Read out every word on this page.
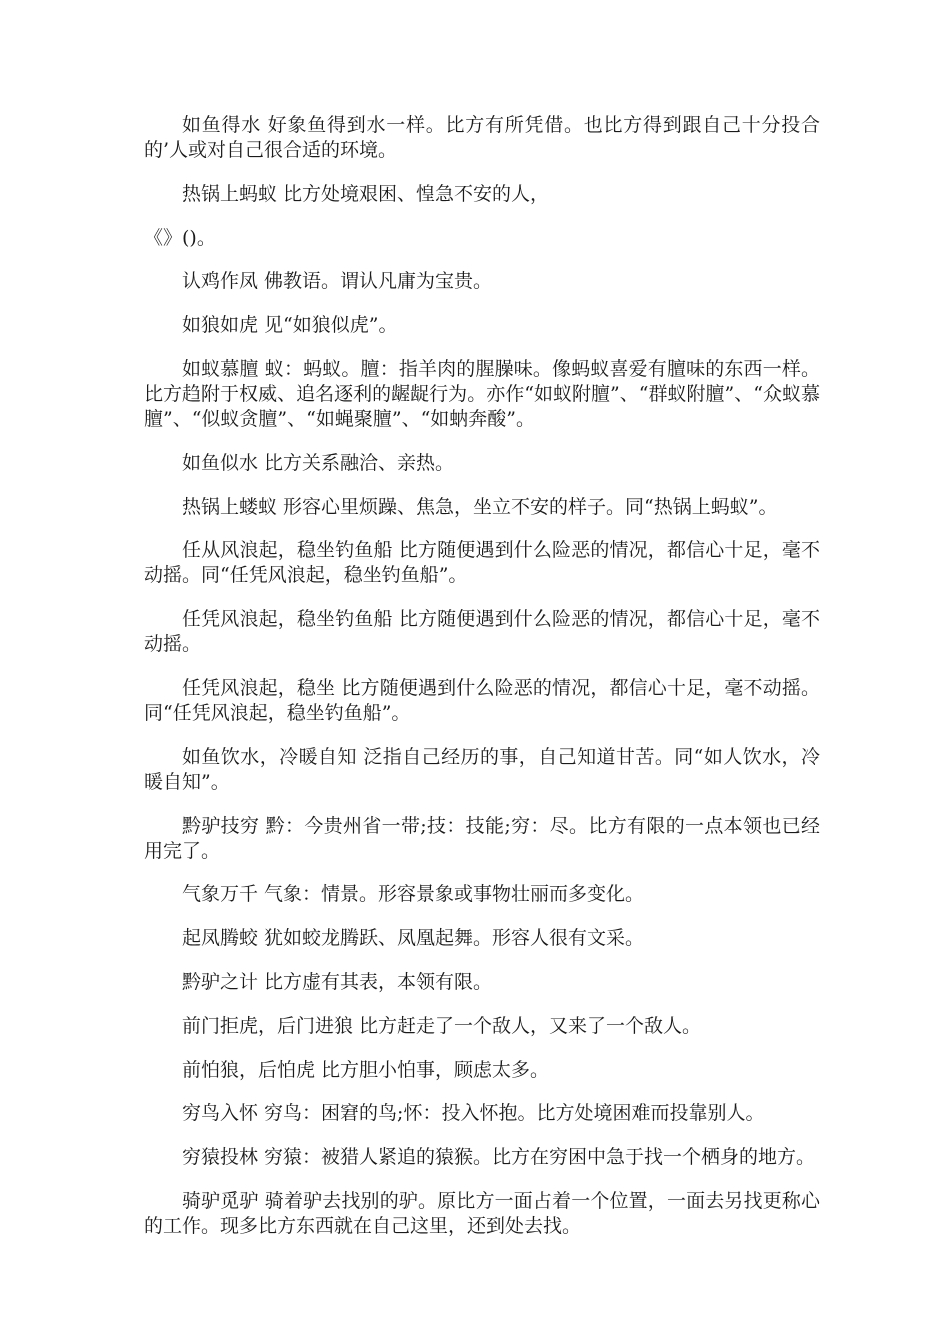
如鱼得水 好象鱼得到水一样。比方有所凭借。也比方得到跟自己十分投合的’人或对自己很合适的环境。

热锅上蚂蚁 比方处境艰困、惶急不安的人，

《》()。

认鸡作凤 佛教语。谓认凡庸为宝贵。

如狼如虎 见“如狼似虎”。

如蚁慕膻 蚁：蚂蚁。膻：指羊肉的腥臊味。像蚂蚁喜爱有膻味的东西一样。比方趋附于权威、追名逐利的龌龊行为。亦作“如蚁附膻”、“群蚁附膻”、“众蚁慕膻”、“似蚁贪膻”、“如蝇聚膻”、“如蚋奔酸”。

如鱼似水 比方关系融洽、亲热。

热锅上蝼蚁 形容心里烦躁、焦急，坐立不安的样子。同“热锅上蚂蚁”。

任从风浪起，稳坐钓鱼船 比方随便遇到什么险恶的情况，都信心十足，毫不动摇。同“任凭风浪起，稳坐钓鱼船”。

任凭风浪起，稳坐钓鱼船 比方随便遇到什么险恶的情况，都信心十足，毫不动摇。

任凭风浪起，稳坐 比方随便遇到什么险恶的情况，都信心十足，毫不动摇。同“任凭风浪起，稳坐钓鱼船”。

如鱼饮水，冷暖自知 泛指自己经历的事，自己知道甘苦。同“如人饮水，冷暖自知”。

黔驴技穷 黔：今贵州省一带;技：技能;穷：尽。比方有限的一点本领也已经用完了。

气象万千 气象：情景。形容景象或事物壮丽而多变化。

起凤腾蛟 犹如蛟龙腾跃、凤凰起舞。形容人很有文采。

黔驴之计 比方虚有其表，本领有限。

前门拒虎，后门进狼 比方赶走了一个敌人，又来了一个敌人。

前怕狼，后怕虎 比方胆小怕事，顾虑太多。

穷鸟入怀 穷鸟：困窘的鸟;怀：投入怀抱。比方处境困难而投靠别人。

穷猿投林 穷猿：被猎人紧追的猿猴。比方在穷困中急于找一个栖身的地方。

骑驴觅驴 骑着驴去找别的驴。原比方一面占着一个位置，一面去另找更称心的工作。现多比方东西就在自己这里，还到处去找。
